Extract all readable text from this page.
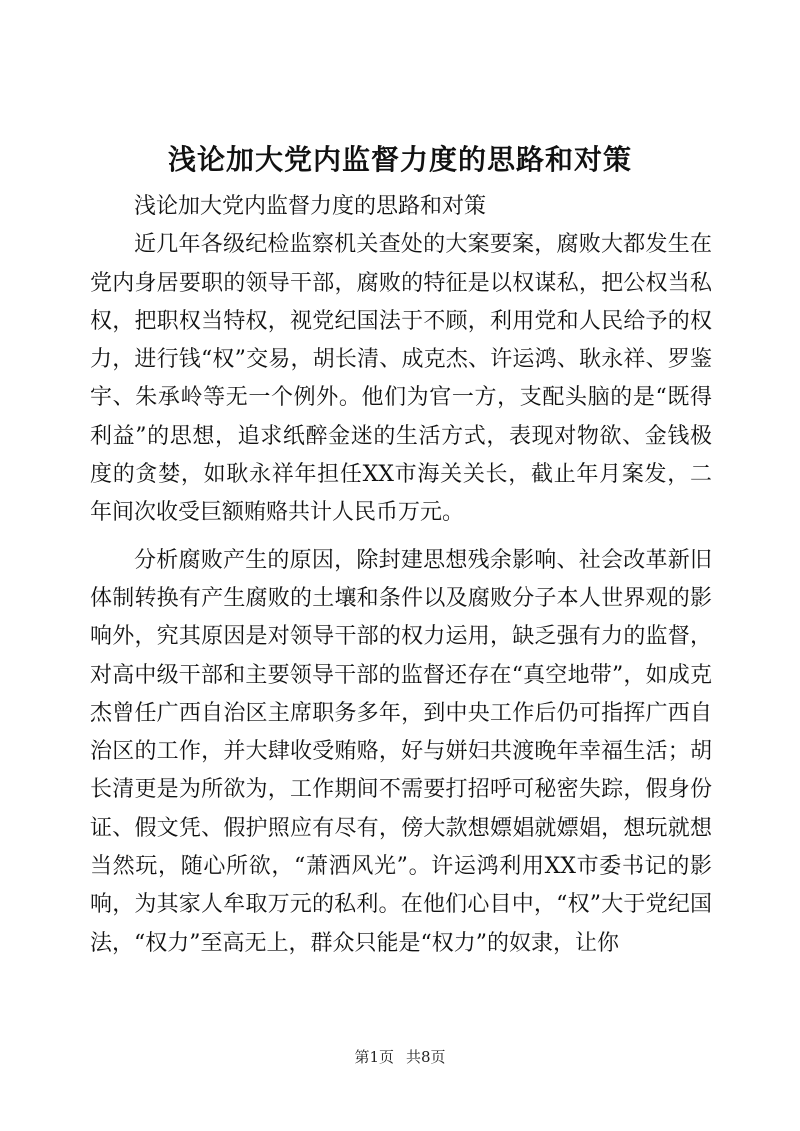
浅论加大党内监督力度的思路和对策

浅论加大党内监督力度的思路和对策

近几年各级纪检监察机关查处的大案要案，腐败大都发生在党内身居要职的领导干部，腐败的特征是以权谋私，把公权当私权，把职权当特权，视党纪国法于不顾，利用党和人民给予的权力，进行钱“权”交易，胡长清、成克杰、许运鸿、耿永祥、罗鉴宇、朱承岭等无一个例外。他们为官一方，支配头脑的是“既得利益”的思想，追求纸醉金迷的生活方式，表现对物欲、金钱极度的贪婪，如耿永祥年担任XX市海关关长，截止年月案发，二年间次收受巨额贿赂共计人民币万元。

分析腐败产生的原因，除封建思想残余影响、社会改革新旧体制转换有产生腐败的土壤和条件以及腐败分子本人世界观的影响外，究其原因是对领导干部的权力运用，缺乏强有力的监督，对高中级干部和主要领导干部的监督还存在“真空地带”，如成克杰曾任广西自治区主席职务多年，到中央工作后仍可指挥广西自治区的工作，并大肆收受贿赂，好与姘妇共渡晚年幸福生活；胡长清更是为所欲为，工作期间不需要打招呼可秘密失踪，假身份证、假文凭、假护照应有尽有，傍大款想嫖娼就嫖娼，想玩就想当然玩，随心所欲，“萧洒风光”。许运鸿利用XX市委书记的影响，为其家人牟取万元的私利。在他们心目中，“权”大于党纪国法，“权力”至高无上，群众只能是“权力”的奴隶，让你

第1页 共8页
